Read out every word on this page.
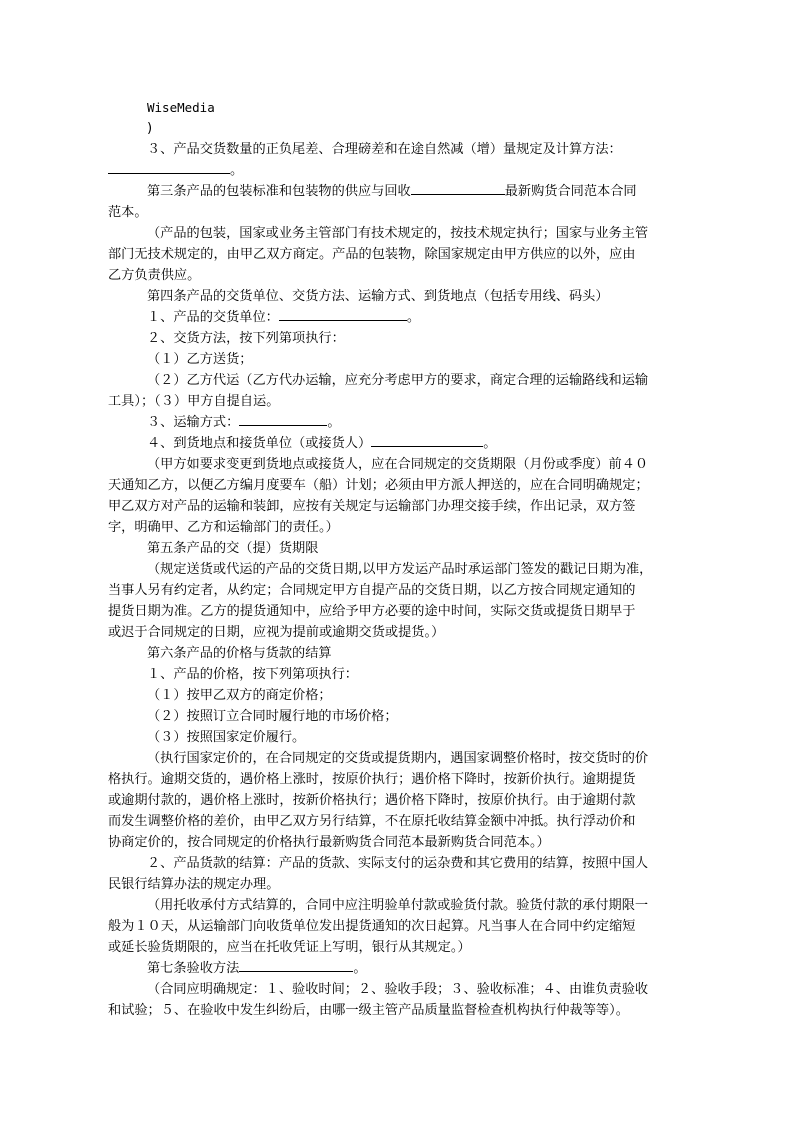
WiseMedia
)
３、产品交货数量的正负尾差、合理磅差和在途自然减（增）量规定及计算方法：
。
第三条产品的包装标准和包装物的供应与回收	最新购货合同范本合同
范本。
（产品的包装，国家或业务主管部门有技术规定的，按技术规定执行；国家与业务主管
部门无技术规定的，由甲乙双方商定。产品的包装物，除国家规定由甲方供应的以外，应由
乙方负责供应。
第四条产品的交货单位、交货方法、运输方式、到货地点（包括专用线、码头）
１、产品的交货单位：	。
２、交货方法，按下列第项执行：
（１）乙方送货；
（２）乙方代运（乙方代办运输，应充分考虑甲方的要求，商定合理的运输路线和运输
工具）；（３）甲方自提自运。
３、运输方式：	。
４、到货地点和接货单位（或接货人）	。
（甲方如要求变更到货地点或接货人，应在合同规定的交货期限（月份或季度）前４０
天通知乙方，以便乙方编月度要车（船）计划；必须由甲方派人押送的，应在合同明确规定；
甲乙双方对产品的运输和装卸，应按有关规定与运输部门办理交接手续，作出记录，双方签
字，明确甲、乙方和运输部门的责任。）
第五条产品的交（提）货期限
（规定送货或代运的产品的交货日期,以甲方发运产品时承运部门签发的戳记日期为准，
当事人另有约定者，从约定；合同规定甲方自提产品的交货日期，以乙方按合同规定通知的
提货日期为准。乙方的提货通知中，应给予甲方必要的途中时间，实际交货或提货日期早于
或迟于合同规定的日期，应视为提前或逾期交货或提货。）
第六条产品的价格与货款的结算
１、产品的价格，按下列第项执行：
（１）按甲乙双方的商定价格；
（２）按照订立合同时履行地的市场价格；
（３）按照国家定价履行。
（执行国家定价的，在合同规定的交货或提货期内，遇国家调整价格时，按交货时的价
格执行。逾期交货的，遇价格上涨时，按原价执行；遇价格下降时，按新价执行。逾期提货
或逾期付款的，遇价格上涨时，按新价格执行；遇价格下降时，按原价执行。由于逾期付款
而发生调整价格的差价，由甲乙双方另行结算，不在原托收结算金额中冲抵。执行浮动价和
协商定价的，按合同规定的价格执行最新购货合同范本最新购货合同范本。）
２、产品货款的结算：产品的货款、实际支付的运杂费和其它费用的结算，按照中国人
民银行结算办法的规定办理。
（用托收承付方式结算的，合同中应注明验单付款或验货付款。验货付款的承付期限一
般为１０天，从运输部门向收货单位发出提货通知的次日起算。凡当事人在合同中约定缩短
或延长验货期限的，应当在托收凭证上写明，银行从其规定。）
第七条验收方法	。
（合同应明确规定：１、验收时间；２、验收手段；３、验收标准；４、由谁负责验收
和试验；５、在验收中发生纠纷后，由哪一级主管产品质量监督检查机构执行仲裁等等）。
